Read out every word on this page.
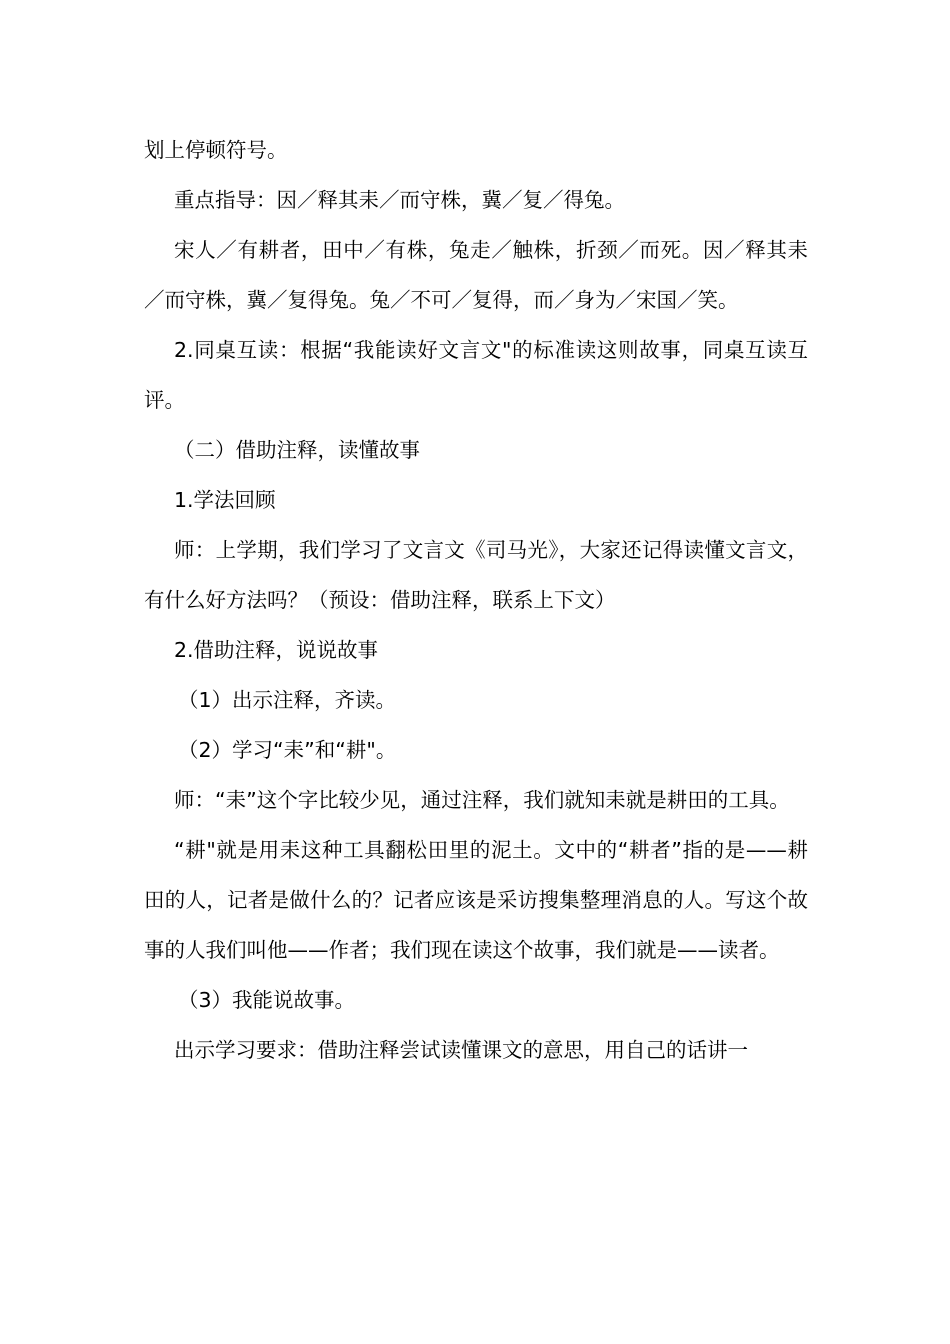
划上停顿符号。

重点指导：因／释其耒／而守株，冀／复／得兔。

宋人／有耕者，田中／有株，兔走／触株，折颈／而死。因／释其耒／而守株，冀／复得兔。兔／不可／复得，而／身为／宋国／笑。

2.同桌互读：根据“我能读好文言文"的标准读这则故事，同桌互读互评。

（二）借助注释，读懂故事

1.学法回顾

师：上学期，我们学习了文言文《司马光》，大家还记得读懂文言文，有什么好方法吗？（预设：借助注释，联系上下文）

2.借助注释，说说故事

（1）出示注释，齐读。

（2）学习“耒”和“耕"。

师：“耒”这个字比较少见，通过注释，我们就知耒就是耕田的工具。

“耕"就是用耒这种工具翻松田里的泥土。文中的“耕者”指的是——耕田的人，记者是做什么的？记者应该是采访搜集整理消息的人。写这个故事的人我们叫他——作者；我们现在读这个故事，我们就是——读者。

（3）我能说故事。

出示学习要求：借助注释尝试读懂课文的意思，用自己的话讲一
